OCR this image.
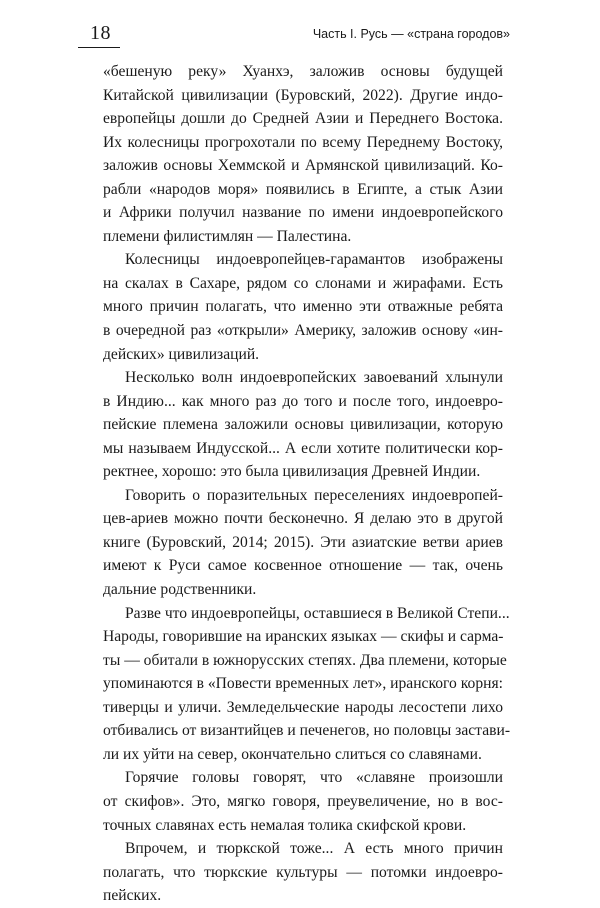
18	Часть I. Русь — «страна городов»
«бешеную реку» Хуанхэ, заложив основы будущей
Китайской цивилизации (Буровский, 2022). Другие индо-
европейцы дошли до Средней Азии и Переднего Востока.
Их колесницы прогрохотали по всему Переднему Востоку,
заложив основы Хеммской и Армянской цивилизаций. Ко-
рабли «народов моря» появились в Египте, а стык Азии
и Африки получил название по имени индоевропейского
племени филистимлян — Палестина.
Колесницы индоевропейцев-гарамантов изображены
на скалах в Сахаре, рядом со слонами и жирафами. Есть
много причин полагать, что именно эти отважные ребята
в очередной раз «открыли» Америку, заложив основу «ин-
дейских» цивилизаций.
Несколько волн индоевропейских завоеваний хлынули
в Индию... как много раз до того и после того, индоевро-
пейские племена заложили основы цивилизации, которую
мы называем Индусской... А если хотите политически кор-
ректнее, хорошо: это была цивилизация Древней Индии.
Говорить о поразительных переселениях индоевропей-
цев-ариев можно почти бесконечно. Я делаю это в другой
книге (Буровский, 2014; 2015). Эти азиатские ветви ариев
имеют к Руси самое косвенное отношение — так, очень
дальние родственники.
Разве что индоевропейцы, оставшиеся в Великой Степи...
Народы, говорившие на иранских языках — скифы и сарма-
ты — обитали в южнорусских степях. Два племени, которые
упоминаются в «Повести временных лет», иранского корня:
тиверцы и уличи. Земледельческие народы лесостепи лихо
отбивались от византийцев и печенегов, но половцы застави-
ли их уйти на север, окончательно слиться со славянами.
Горячие головы говорят, что «славяне произошли
от скифов». Это, мягко говоря, преувеличение, но в вос-
точных славянах есть немалая толика скифской крови.
Впрочем, и тюркской тоже... А есть много причин
полагать, что тюркские культуры — потомки индоевро-
пейских.
